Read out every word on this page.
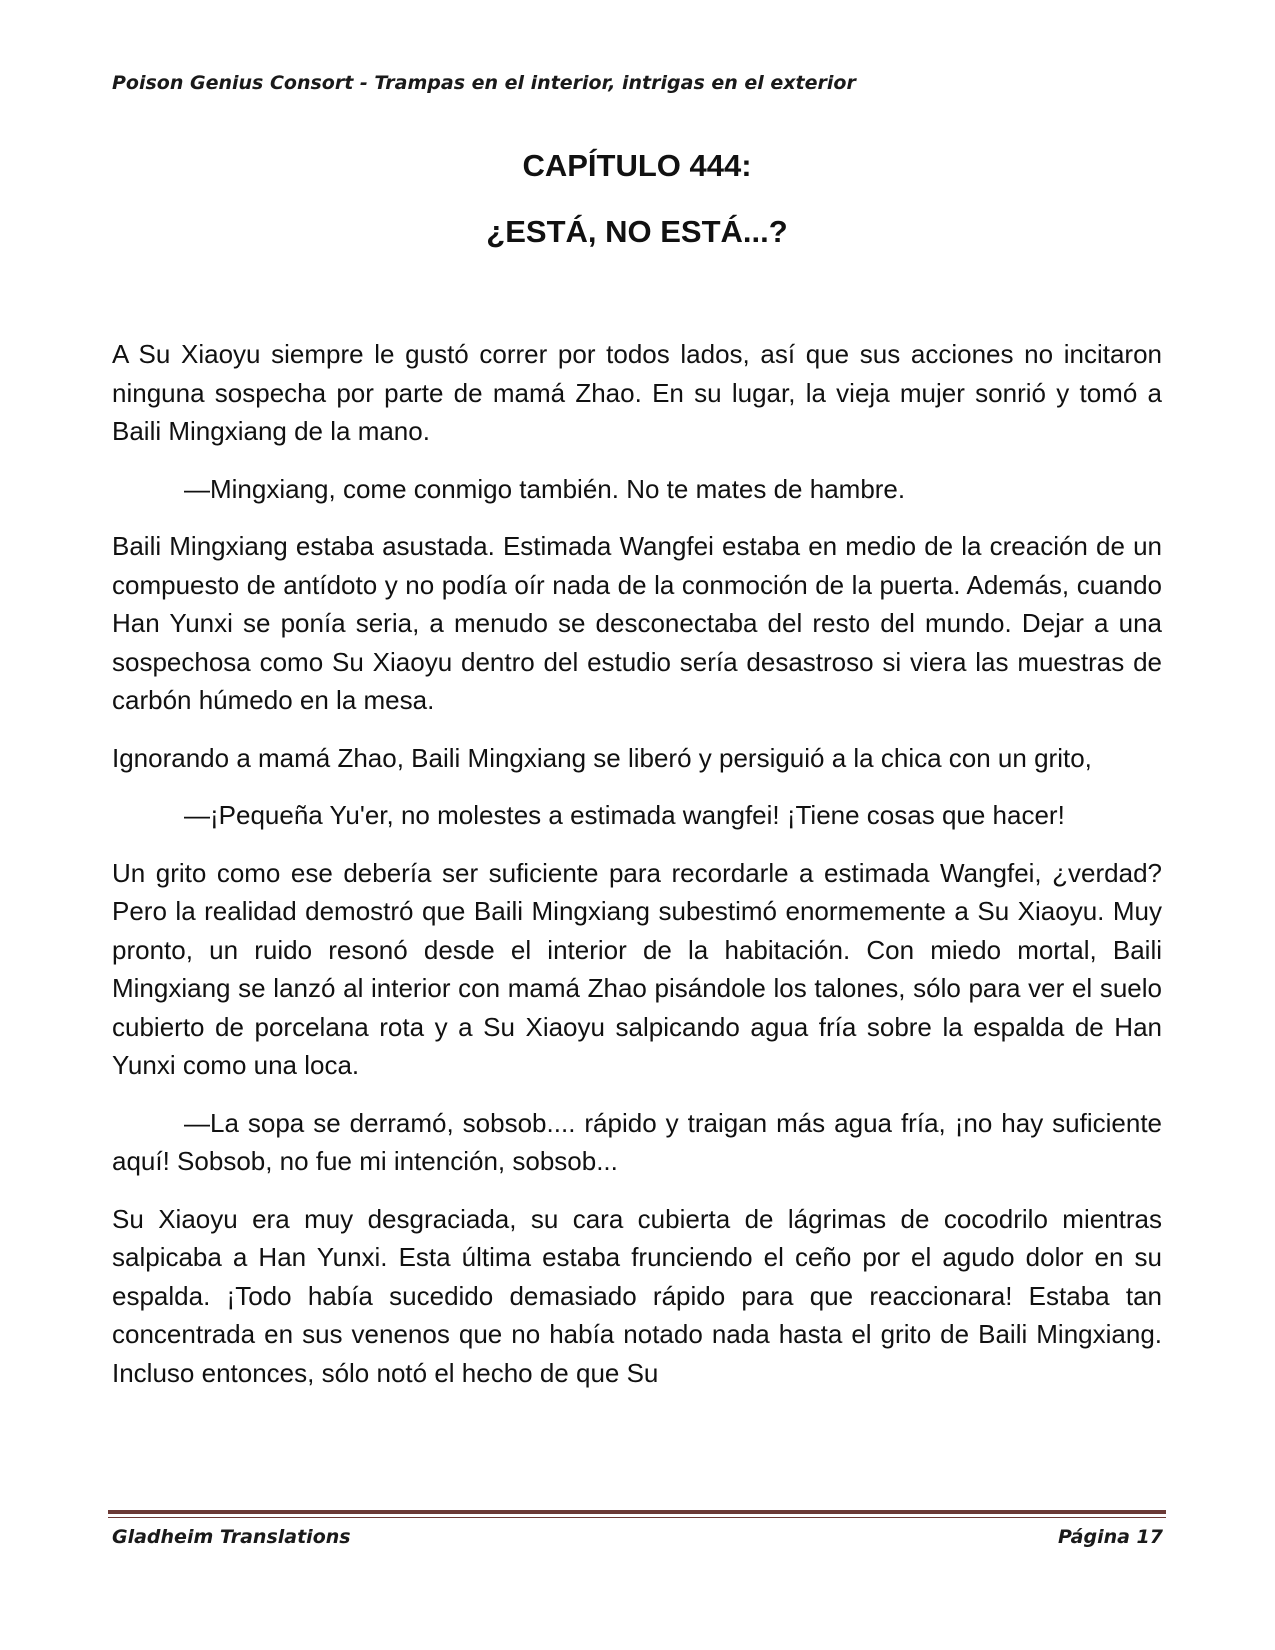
Poison Genius Consort - Trampas en el interior, intrigas en el exterior
CAPÍTULO 444:
¿ESTÁ, NO ESTÁ...?

A Su Xiaoyu siempre le gustó correr por todos lados, así que sus acciones no incitaron ninguna sospecha por parte de mamá Zhao. En su lugar, la vieja mujer sonrió y tomó a Baili Mingxiang de la mano.

—Mingxiang, come conmigo también. No te mates de hambre.

Baili Mingxiang estaba asustada. Estimada Wangfei estaba en medio de la creación de un compuesto de antídoto y no podía oír nada de la conmoción de la puerta. Además, cuando Han Yunxi se ponía seria, a menudo se desconectaba del resto del mundo. Dejar a una sospechosa como Su Xiaoyu dentro del estudio sería desastroso si viera las muestras de carbón húmedo en la mesa.

Ignorando a mamá Zhao, Baili Mingxiang se liberó y persiguió a la chica con un grito,

—¡Pequeña Yu'er, no molestes a estimada wangfei! ¡Tiene cosas que hacer!

Un grito como ese debería ser suficiente para recordarle a estimada Wangfei, ¿verdad? Pero la realidad demostró que Baili Mingxiang subestimó enormemente a Su Xiaoyu. Muy pronto, un ruido resonó desde el interior de la habitación. Con miedo mortal, Baili Mingxiang se lanzó al interior con mamá Zhao pisándole los talones, sólo para ver el suelo cubierto de porcelana rota y a Su Xiaoyu salpicando agua fría sobre la espalda de Han Yunxi como una loca.

—La sopa se derramó, sobsob.... rápido y traigan más agua fría, ¡no hay suficiente aquí! Sobsob, no fue mi intención, sobsob...

Su Xiaoyu era muy desgraciada, su cara cubierta de lágrimas de cocodrilo mientras salpicaba a Han Yunxi. Esta última estaba frunciendo el ceño por el agudo dolor en su espalda. ¡Todo había sucedido demasiado rápido para que reaccionara! Estaba tan concentrada en sus venenos que no había notado nada hasta el grito de Baili Mingxiang. Incluso entonces, sólo notó el hecho de que Su

Gladheim Translations	Página 17
